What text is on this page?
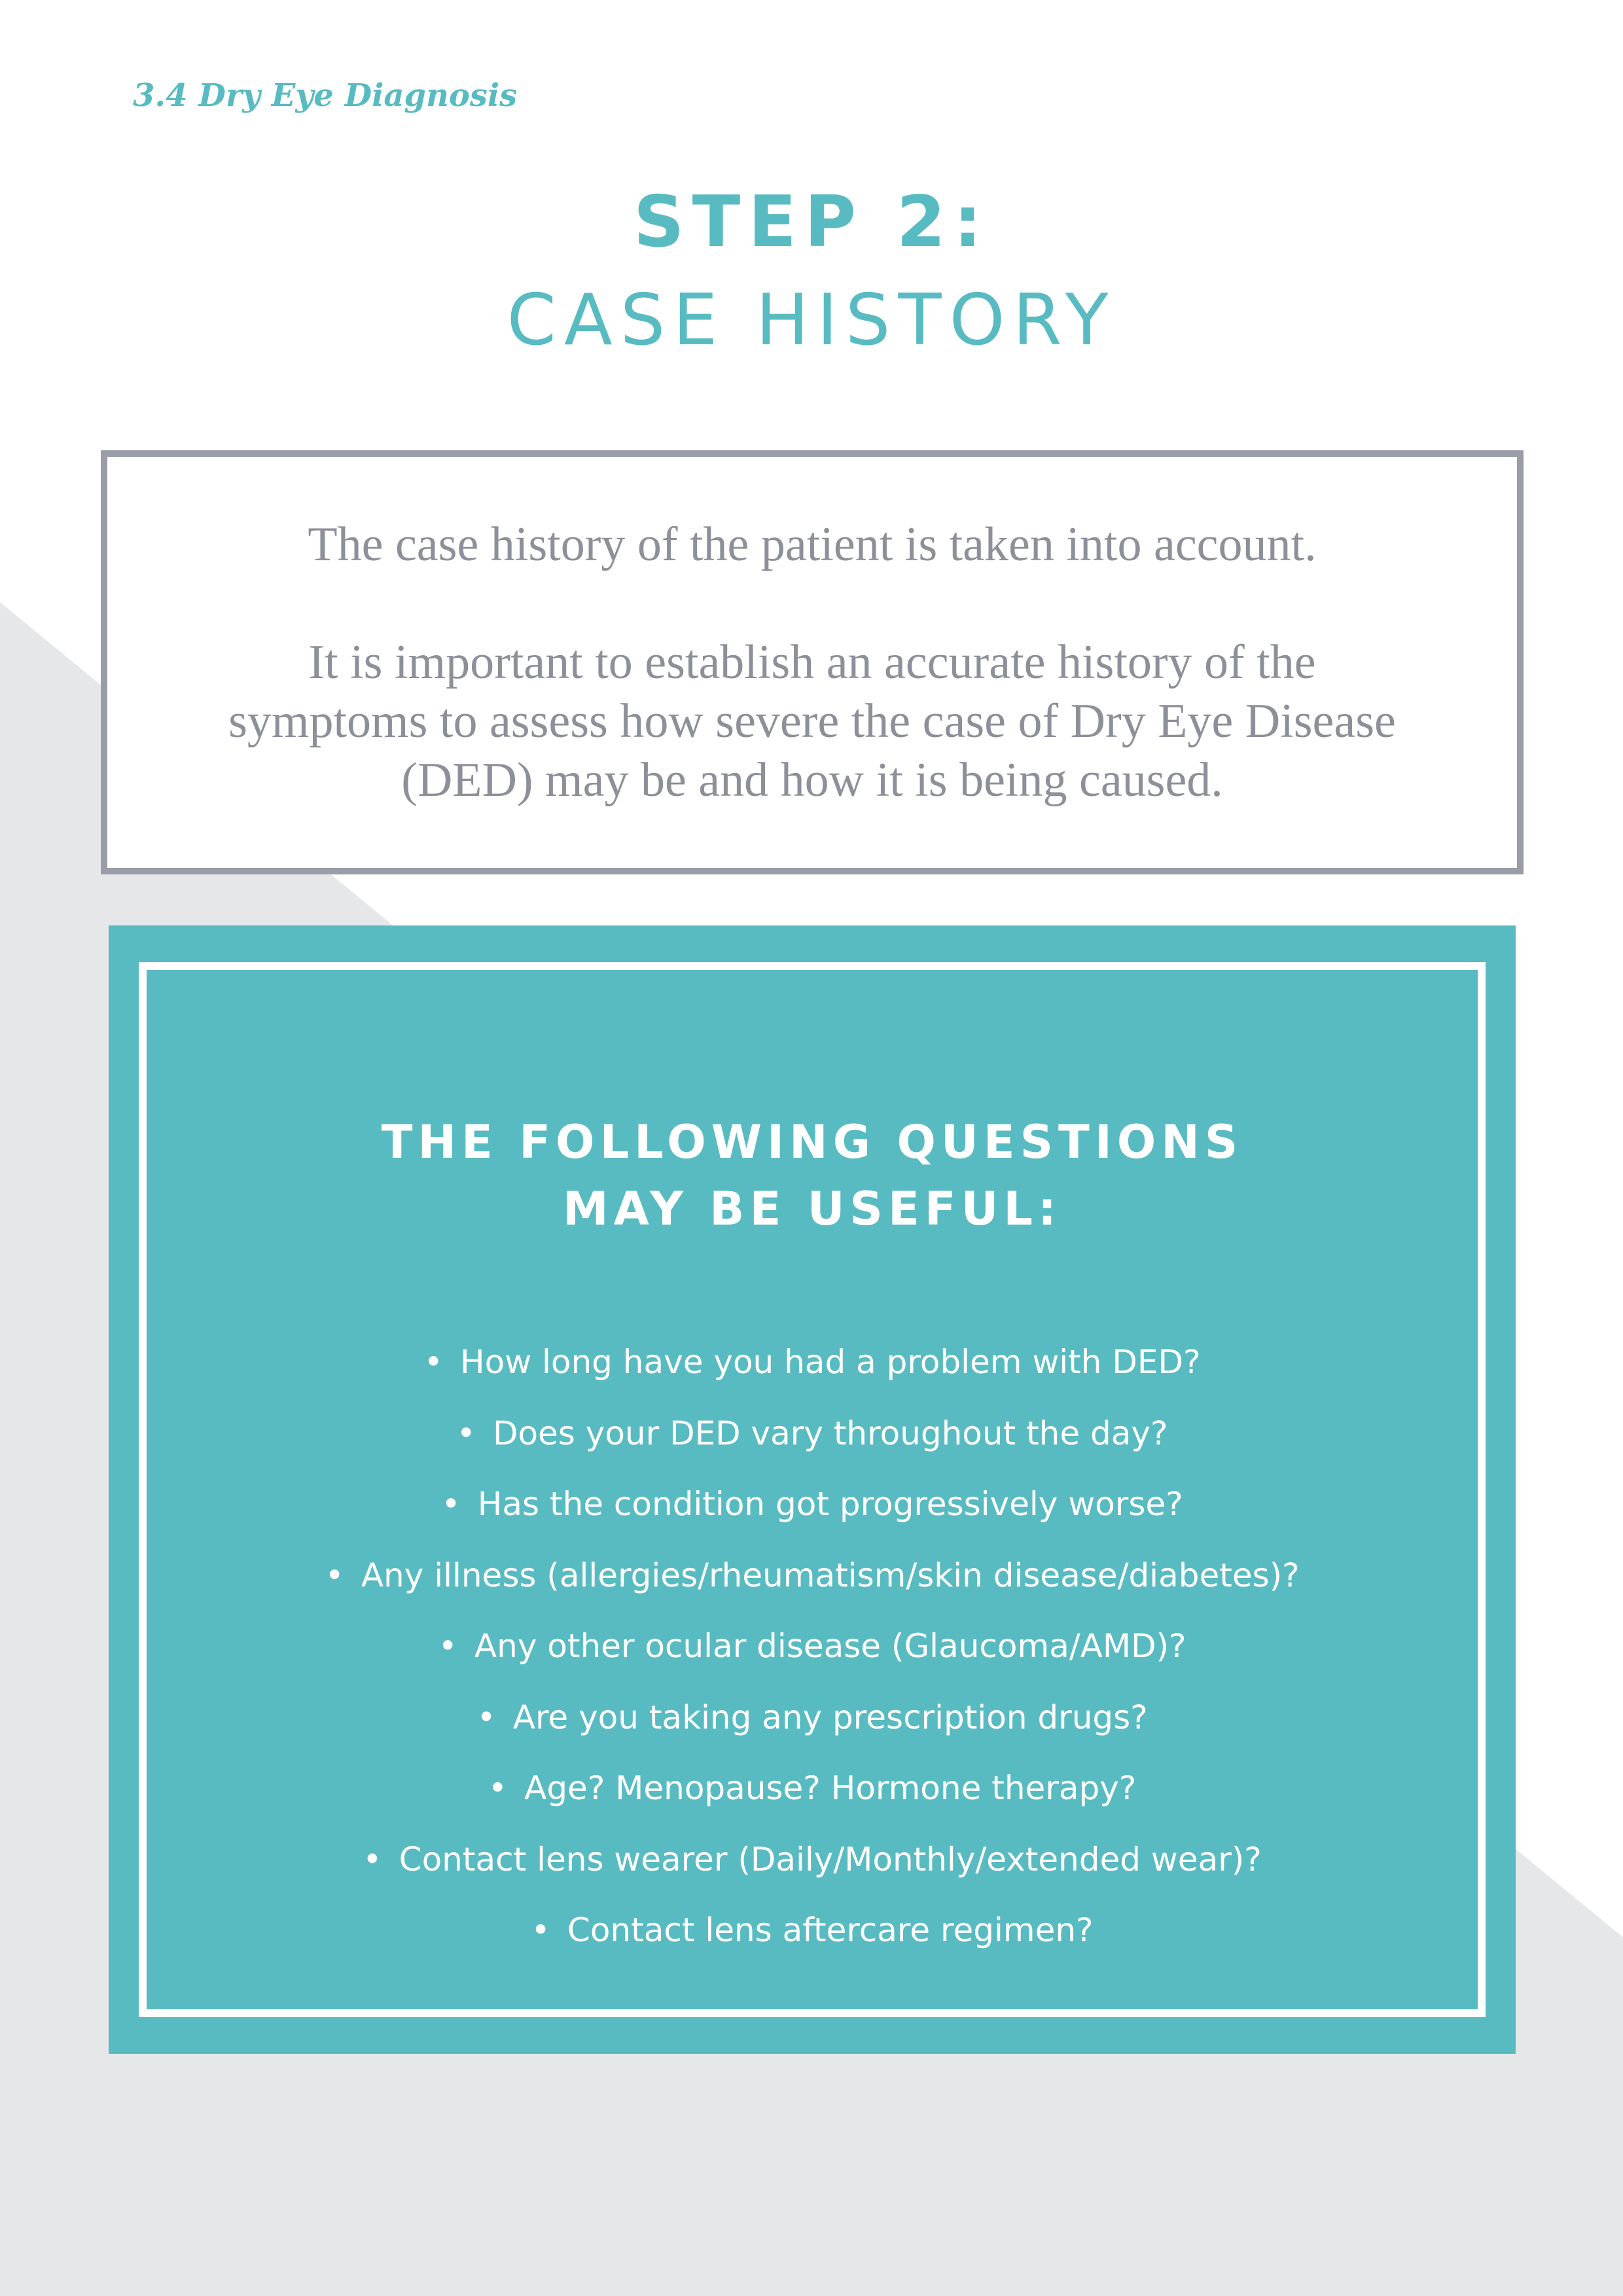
3.4 Dry Eye Diagnosis

STEP 2:
CASE HISTORY

The case history of the patient is taken into account.

It is important to establish an accurate history of the symptoms to assess how severe the case of Dry Eye Disease (DED) may be and how it is being caused.

THE FOLLOWING QUESTIONS
MAY BE USEFUL:
• How long have you had a problem with DED?
• Does your DED vary throughout the day?
• Has the condition got progressively worse?
• Any illness (allergies/rheumatism/skin disease/diabetes)?
• Any other ocular disease (Glaucoma/AMD)?
• Are you taking any prescription drugs?
• Age? Menopause? Hormone therapy?
• Contact lens wearer (Daily/Monthly/extended wear)?
• Contact lens aftercare regimen?
